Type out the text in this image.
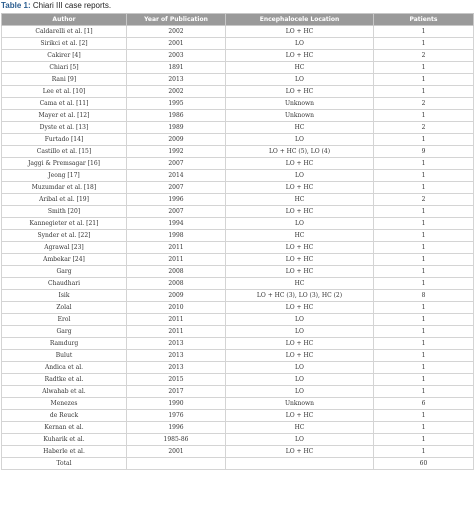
Table 1: Chiari III case reports.
Author	Year of Publication	Encephalocele Location	Patients
Caldarelli et al. [1]	2002	LO + HC	1
Sirikci et al. [2]	2001	LO	1
Cakirer [4]	2003	LO + HC	2
Chiari [5]	1891	HC	1
Rani [9]	2013	LO	1
Lee et al. [10]	2002	LO + HC	1
Cama et al. [11]	1995	Unknown	2
Mayer et al. [12]	1986	Unknown	1
Dyste et al. [13]	1989	HC	2
Furtado [14]	2009	LO	1
Castillo et al. [15]	1992	LO + HC (5), LO (4)	9
Jaggi & Premsagar [16]	2007	LO + HC	1
Jeong [17]	2014	LO	1
Muzumdar et al. [18]	2007	LO + HC	1
Aribal et al. [19]	1996	HC	2
Smith [20]	2007	LO + HC	1
Kannegieter et al. [21]	1994	LO	1
Synder et al. [22]	1998	HC	1
Agrawal [23]	2011	LO + HC	1
Ambekar [24]	2011	LO + HC	1
Garg	2008	LO + HC	1
Chaudhari	2008	HC	1
Isik	2009	LO + HC (3), LO (3), HC (2)	8
Zolal	2010	LO + HC	1
Erol	2011	LO	1
Garg	2011	LO	1
Ramdurg	2013	LO + HC	1
Bulut	2013	LO + HC	1
Andica et al.	2013	LO	1
Radtke et al.	2015	LO	1
Alwahab et al.	2017	LO	1
Menezes	1990	Unknown	6
de Reuck	1976	LO + HC	1
Kernan et al.	1996	HC	1
Kuharik et al.	1985-86	LO	1
Haberle et al.	2001	LO + HC	1
Total			60
